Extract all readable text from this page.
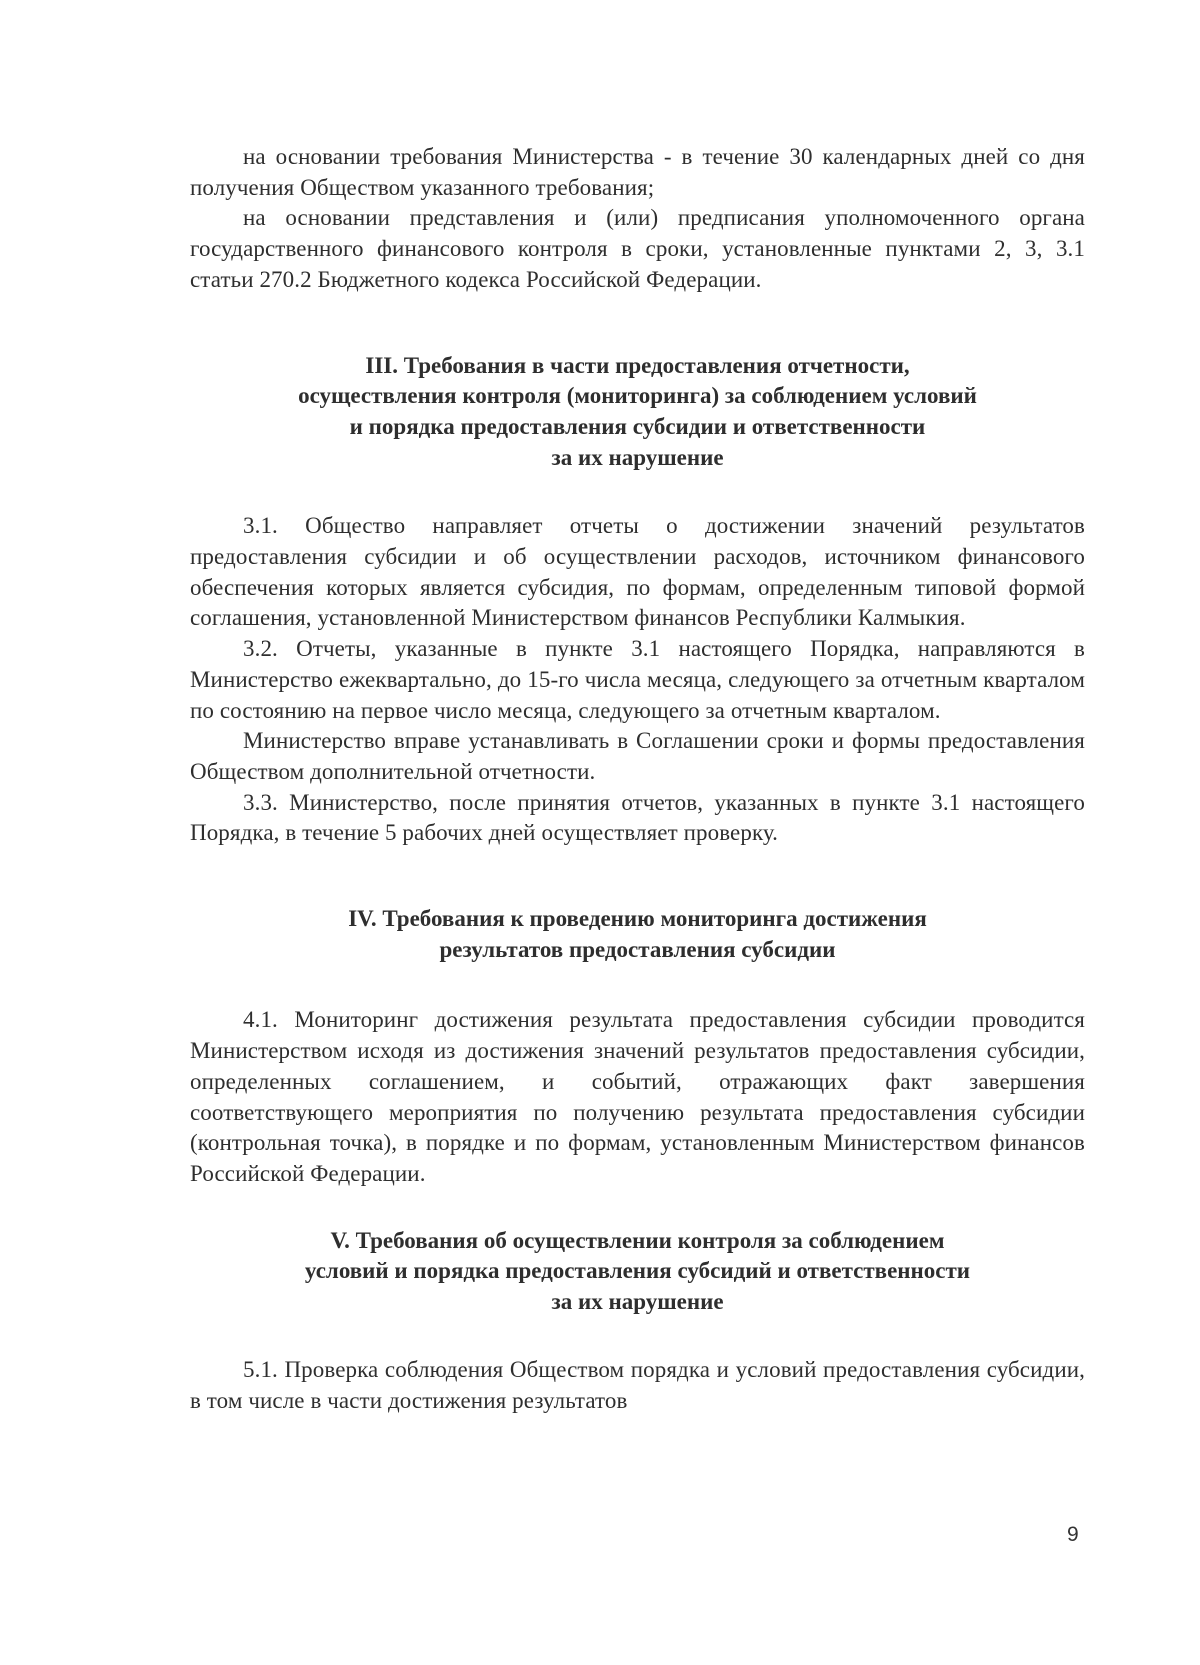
на основании требования Министерства - в течение 30 календарных дней со дня получения Обществом указанного требования;

на основании представления и (или) предписания уполномоченного органа государственного финансового контроля в сроки, установленные пунктами 2, 3, 3.1 статьи 270.2 Бюджетного кодекса Российской Федерации.

III. Требования в части предоставления отчетности,
осуществления контроля (мониторинга) за соблюдением условий
и порядка предоставления субсидии и ответственности
за их нарушение

3.1. Общество направляет отчеты о достижении значений результатов предоставления субсидии и об осуществлении расходов, источником финансового обеспечения которых является субсидия, по формам, определенным типовой формой соглашения, установленной Министерством финансов Республики Калмыкия.

3.2. Отчеты, указанные в пункте 3.1 настоящего Порядка, направляются в Министерство ежеквартально, до 15-го числа месяца, следующего за отчетным кварталом по состоянию на первое число месяца, следующего за отчетным кварталом.

Министерство вправе устанавливать в Соглашении сроки и формы предоставления Обществом дополнительной отчетности.

3.3. Министерство, после принятия отчетов, указанных в пункте 3.1 настоящего Порядка, в течение 5 рабочих дней осуществляет проверку.

IV. Требования к проведению мониторинга достижения
результатов предоставления субсидии

4.1. Мониторинг достижения результата предоставления субсидии проводится Министерством исходя из достижения значений результатов предоставления субсидии, определенных соглашением, и событий, отражающих факт завершения соответствующего мероприятия по получению результата предоставления субсидии (контрольная точка), в порядке и по формам, установленным Министерством финансов Российской Федерации.

V. Требования об осуществлении контроля за соблюдением
условий и порядка предоставления субсидий и ответственности
за их нарушение

5.1. Проверка соблюдения Обществом порядка и условий предоставления субсидии, в том числе в части достижения результатов

9
